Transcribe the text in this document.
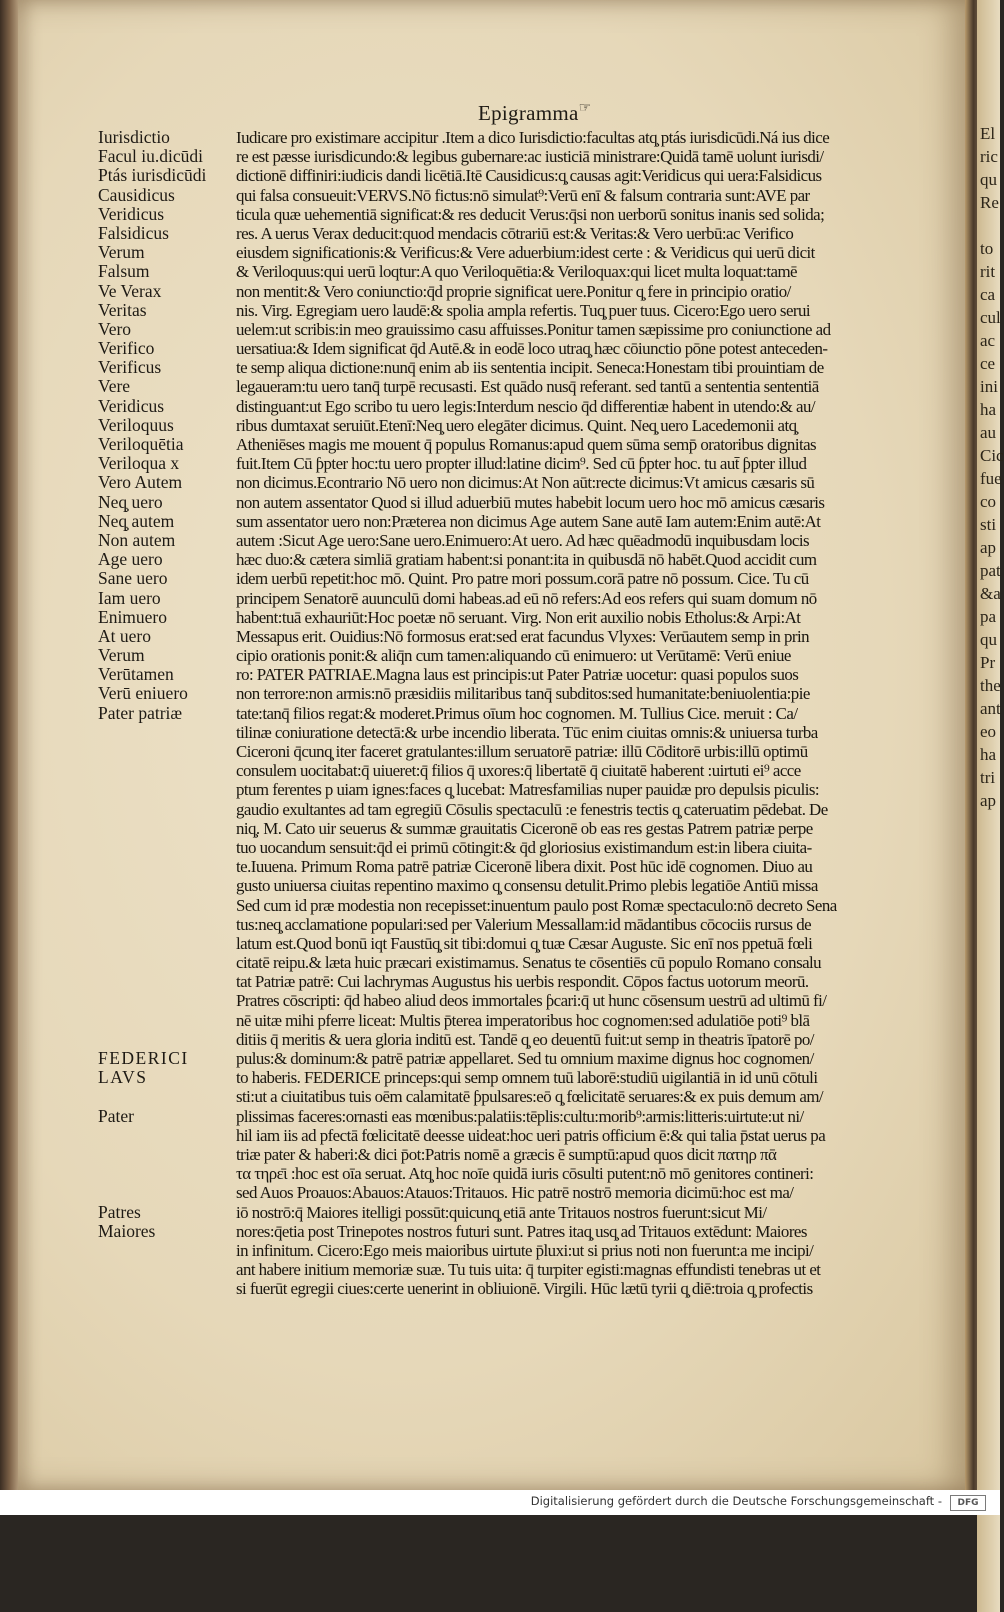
Epigramma☞
Iurisdictio
Facul iu.dicūdi
Ptás iurisdicūdi
Causidicus
Veridicus
Falsidicus
Verum
Falsum
Ve Verax
Veritas
Vero
Verifico
Verificus
Vere
Veridicus
Veriloquus
Veriloquētia
Veriloqua x
Vero Autem
Neq̧ uero
Neq̧ autem
Non autem
Age uero
Sane uero
Iam uero
Enimuero
At uero
Verum
Verūtamen
Verū eniuero
Pater patriæ
FEDERICI
LAVS
Pater
Patres
Maiores
Iudicare pro existimare accipitur .Item a dico Iurisdictio:facultas atq̧ ptás iurisdicūdi.Ná ius dice
re est pæsse iurisdicundo:& legibus gubernare:ac iusticiā ministrare:Quidā tamē uolunt iurisdi/
dictionē diffiniri:iudicis dandi licētiā.Itē Causidicus:q̧ causas agit:Veridicus qui uera:Falsidicus
qui falsa consueuit:VERVS.Nō fictus:nō simulat⁹:Verū enī & falsum contraria sunt:AVE par
ticula quæ uehementiā significat:& res deducit Verus:q̄si non uerborū sonitus inanis sed solida;
res. A uerus Verax deducit:quod mendacis cōtrariū est:& Veritas:& Vero uerbū:ac Verifico
eiusdem significationis:& Verificus:& Vere aduerbium:idest certe : & Veridicus qui uerū dicit
& Veriloquus:qui uerū loqtur:A quo Veriloquētia:& Veriloquax:qui licet multa loquat:tamē
non mentit:& Vero coniunctio:q̄d proprie significat uere.Ponitur q̧ fere in principio oratio/
nis. Virg. Egregiam uero laudē:& spolia ampla refertis. Tuq̧ puer tuus. Cicero:Ego uero serui
uelem:ut scribis:in meo grauissimo casu affuisses.Ponitur tamen sæpissime pro coniunctione ad
uersatiua:& Idem significat q̄d Autē.& in eodē loco utraq̧ hæc cōiunctio pōne potest anteceden-
te semp aliqua dictione:nunq̄ enim ab iis sententia incipit. Seneca:Honestam tibi prouintiam de
legaueram:tu uero tanq̄ turpē recusasti. Est quādo nusq̄ referant. sed tantū a sententia sententiā
distinguant:ut Ego scribo tu uero legis:Interdum nescio q̄d differentiæ habent in utendo:& au/
ribus dumtaxat seruiūt.Etenī:Neq̧ uero elegāter dicimus. Quint. Neq̧ uero Lacedemonii atq̧
Atheniēses magis me mouent q̄ populus Romanus:apud quem sūma semp̄ oratoribus dignitas
fuit.Item Cū ƥpter hoc:tu uero propter illud:latine dicim⁹. Sed cū ƥpter hoc. tu aut̄ ƥpter illud
non dicimus.Econtrario Nō uero non dicimus:At Non aūt:recte dicimus:Vt amicus cæsaris sū
non autem assentator Quod si illud aduerbiū mutes habebit locum uero hoc mō amicus cæsaris
sum assentator uero non:Præterea non dicimus Age autem Sane autē Iam autem:Enim autē:At
autem :Sicut Age uero:Sane uero.Enimuero:At uero. Ad hæc quēadmodū inquibusdam locis
hæc duo:& cætera simliā gratiam habent:si ponant:ita in quibusdā nō habēt.Quod accidit cum
idem uerbū repetit:hoc mō. Quint. Pro patre mori possum.corā patre nō possum. Cice. Tu cū
principem Senatorē auunculū domi habeas.ad eū nō refers:Ad eos refers qui suam domum nō
habent:tuā exhauriūt:Hoc poetæ nō seruant. Virg. Non erit auxilio nobis Etholus:& Arpi:At
Messapus erit. Ouidius:Nō formosus erat:sed erat facundus Vlyxes: Verūautem semp in prin
cipio orationis ponit:& aliq̄n cum tamen:aliquando cū enimuero: ut Verūtamē: Verū eniue
ro: PATER PATRIAE.Magna laus est principis:ut Pater Patriæ uocetur: quasi populos suos
non terrore:non armis:nō præsidiis militaribus tanq̄ subditos:sed humanitate:beniuolentia:pie
tate:tanq̄ filios regat:& moderet.Primus oīum hoc cognomen. M. Tullius Cice. meruit : Ca/
tilinæ coniuratione detectā:& urbe incendio liberata. Tūc enim ciuitas omnis:& uniuersa turba
Ciceroni q̄cunq̧ iter faceret gratulantes:illum seruatorē patriæ: illū Cōditorē urbis:illū optimū
consulem uocitabat:q̄ uiueret:q̄ filios q̄ uxores:q̄ libertatē q̄ ciuitatē haberent :uirtuti ei⁹ acce
ptum ferentes p uiam ignes:faces q̧ lucebat: Matresfamilias nuper pauidæ pro depulsis piculis:
gaudio exultantes ad tam egregiū Cōsulis spectaculū :e fenestris tectis q̧ cateruatim pēdebat. De
niq̧. M. Cato uir seuerus & summæ grauitatis Ciceronē ob eas res gestas Patrem patriæ perpe
tuo uocandum sensuit:q̄d ei primū cōtingit:& q̄d gloriosius existimandum est:in libera ciuita-
te.Iuuena. Primum Roma patrē patriæ Ciceronē libera dixit. Post hūc idē cognomen. Diuo au
gusto uniuersa ciuitas repentino maximo q̧ consensu detulit.Primo plebis legatiōe Antiū missa
Sed cum id præ modestia non recepisset:inuentum paulo post Romæ spectaculo:nō decreto Sena
tus:neq̧ acclamatione populari:sed per Valerium Messallam:id mādantibus cōcociis rursus de
latum est.Quod bonū iqt Faustūq̧ sit tibi:domui q̧ tuæ Cæsar Auguste. Sic enī nos ppetuā fœli
citatē reipu.& læta huic præcari existimamus. Senatus te cōsentiēs cū populo Romano consalu
tat Patriæ patrē: Cui lachrymas Augustus his uerbis respondit. Cōpos factus uotorum meorū.
Pratres cōscripti: q̄d habeo aliud deos immortales ƥcari:q̄ ut hunc cōsensum uestrū ad ultimū fi/
nē uitæ mihi pferre liceat: Multis p̄terea imperatoribus hoc cognomen:sed adulatiōe poti⁹ blā
ditiis q̄ meritis & uera gloria inditū est. Tandē q̧ eo deuentū fuit:ut semp in theatris īpatorē po/
pulus:& dominum:& patrē patriæ appellaret. Sed tu omnium maxime dignus hoc cognomen/
to haberis. FEDERICE princeps:qui semp omnem tuū laborē:studiū uigilantiā in id unū cōtuli
sti:ut a ciuitatibus tuis oēm calamitatē ƥpulsares:eō q̧ fœlicitatē seruares:& ex puis demum am/
plissimas faceres:ornasti eas mœnibus:palatiis:tēplis:cultu:morib⁹:armis:litteris:uirtute:ut ni/
hil iam iis ad pfectā fœlicitatē deesse uideat:hoc ueri patris officium ē:& qui talia p̄stat uerus pa
triæ pater & haberi:& dici p̄ot:Patris nomē a græcis ē sumptū:apud quos dicit πατηρ πᾱ
τα τηρε̄ι :hoc est oīa seruat. Atq̧ hoc noīe quidā iuris cōsulti putent:nō mō genitores contineri:
sed Auos Proauos:Abauos:Atauos:Tritauos. Hic patrē nostrō memoria dicimū:hoc est ma/
iō nostrō:q̄ Maiores itelligi possūt:quicunq̧ etiā ante Tritauos nostros fuerunt:sicut Mi/
nores:q̄etia post Trinepotes nostros futuri sunt. Patres itaq̧ usq̧ ad Tritauos extēdunt: Maiores
in infinitum. Cicero:Ego meis maioribus uirtute p̄luxi:ut si prius noti non fuerunt:a me incipi/
ant habere initium memoriæ suæ. Tu tuis uita: q̄ turpiter egisti:magnas effundisti tenebras ut et
si fuerūt egregii ciues:certe uenerint in obliuionē. Virgili. Hūc lætū tyrii q̧ diē:troia q̧ profectis
El
ric
qu
Re
to
rit
ca
cul
ac
ce
ini
ha
au
Cic
fue
co
sti
ap
pat
&a
pa
qu
Pr
the
ant
eo
ha
tri
ap
Digitalisierung gefördert durch die Deutsche Forschungsgemeinschaft -	DFG
